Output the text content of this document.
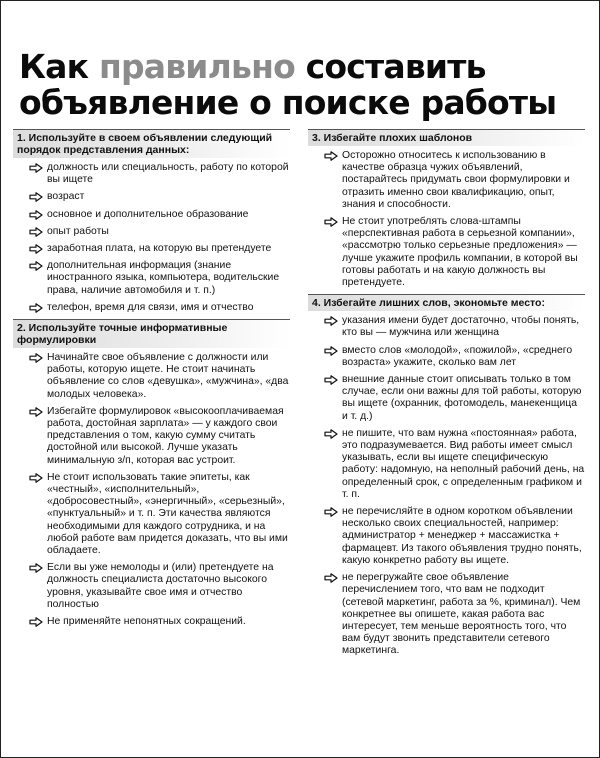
Как правильно составить
объявление о поиске работы
1. Используйте в своем объявлении следующий порядок представления данных:
должность или специальность, работу по которой вы ищете
возраст
основное и дополнительное образование
опыт работы
заработная плата, на которую вы претендуете
дополнительная информация (знание иностранного языка, компьютера, водительские права, наличие автомобиля и т. п.)
телефон, время для связи, имя и отчество
2. Используйте точные информативные формулировки
Начинайте свое объявление с должности или работы, которую ищете. Не стоит начинать объявление со слов «девушка», «мужчина», «два молодых человека».
Избегайте формулировок «высокооплачиваемая работа, достойная зарплата» — у каждого свои представления о том, какую сумму считать достойной или высокой. Лучше указать минимальную з/п, которая вас устроит.
Не стоит использовать такие эпитеты, как «честный», «исполнительный», «добросовестный», «энергичный», «серьезный», «пунктуальный» и т. п. Эти качества являются необходимыми для каждого сотрудника, и на любой работе вам придется доказать, что вы ими обладаете.
Если вы уже немолоды и (или) претендуете на должность специалиста достаточно высокого уровня, указывайте свое имя и отчество полностью
Не применяйте непонятных сокращений.
3. Избегайте плохих шаблонов
Осторожно относитесь к использованию в качестве образца чужих объявлений, постарайтесь придумать свои формулировки и отразить именно свои квалификацию, опыт, знания и способности.
Не стоит употреблять слова-штампы «перспективная работа в серьезной компании», «рассмотрю только серьезные предложения» — лучше укажите профиль компании, в которой вы готовы работать и на какую должность вы претендуете.
4. Избегайте лишних слов, экономьте место:
указания имени будет достаточно, чтобы понять, кто вы — мужчина или женщина
вместо слов «молодой», «пожилой», «среднего возраста» укажите, сколько вам лет
внешние данные стоит описывать только в том случае, если они важны для той работы, которую вы ищете (охранник, фотомодель, манекенщица и т. д.)
не пишите, что вам нужна «постоянная» работа, это подразумевается. Вид работы имеет смысл указывать, если вы ищете специфическую работу: надомную, на неполный рабочий день, на определенный срок, с определенным графиком и т. п.
не перечисляйте в одном коротком объявлении несколько своих специальностей, например: администратор + менеджер + массажистка + фармацевт. Из такого объявления трудно понять, какую конкретно работу вы ищете.
не перегружайте свое объявление перечислением того, что вам не подходит (сетевой маркетинг, работа за %, криминал). Чем конкретнее вы опишете, какая работа вас интересует, тем меньше вероятность того, что вам будут звонить представители сетевого маркетинга.
